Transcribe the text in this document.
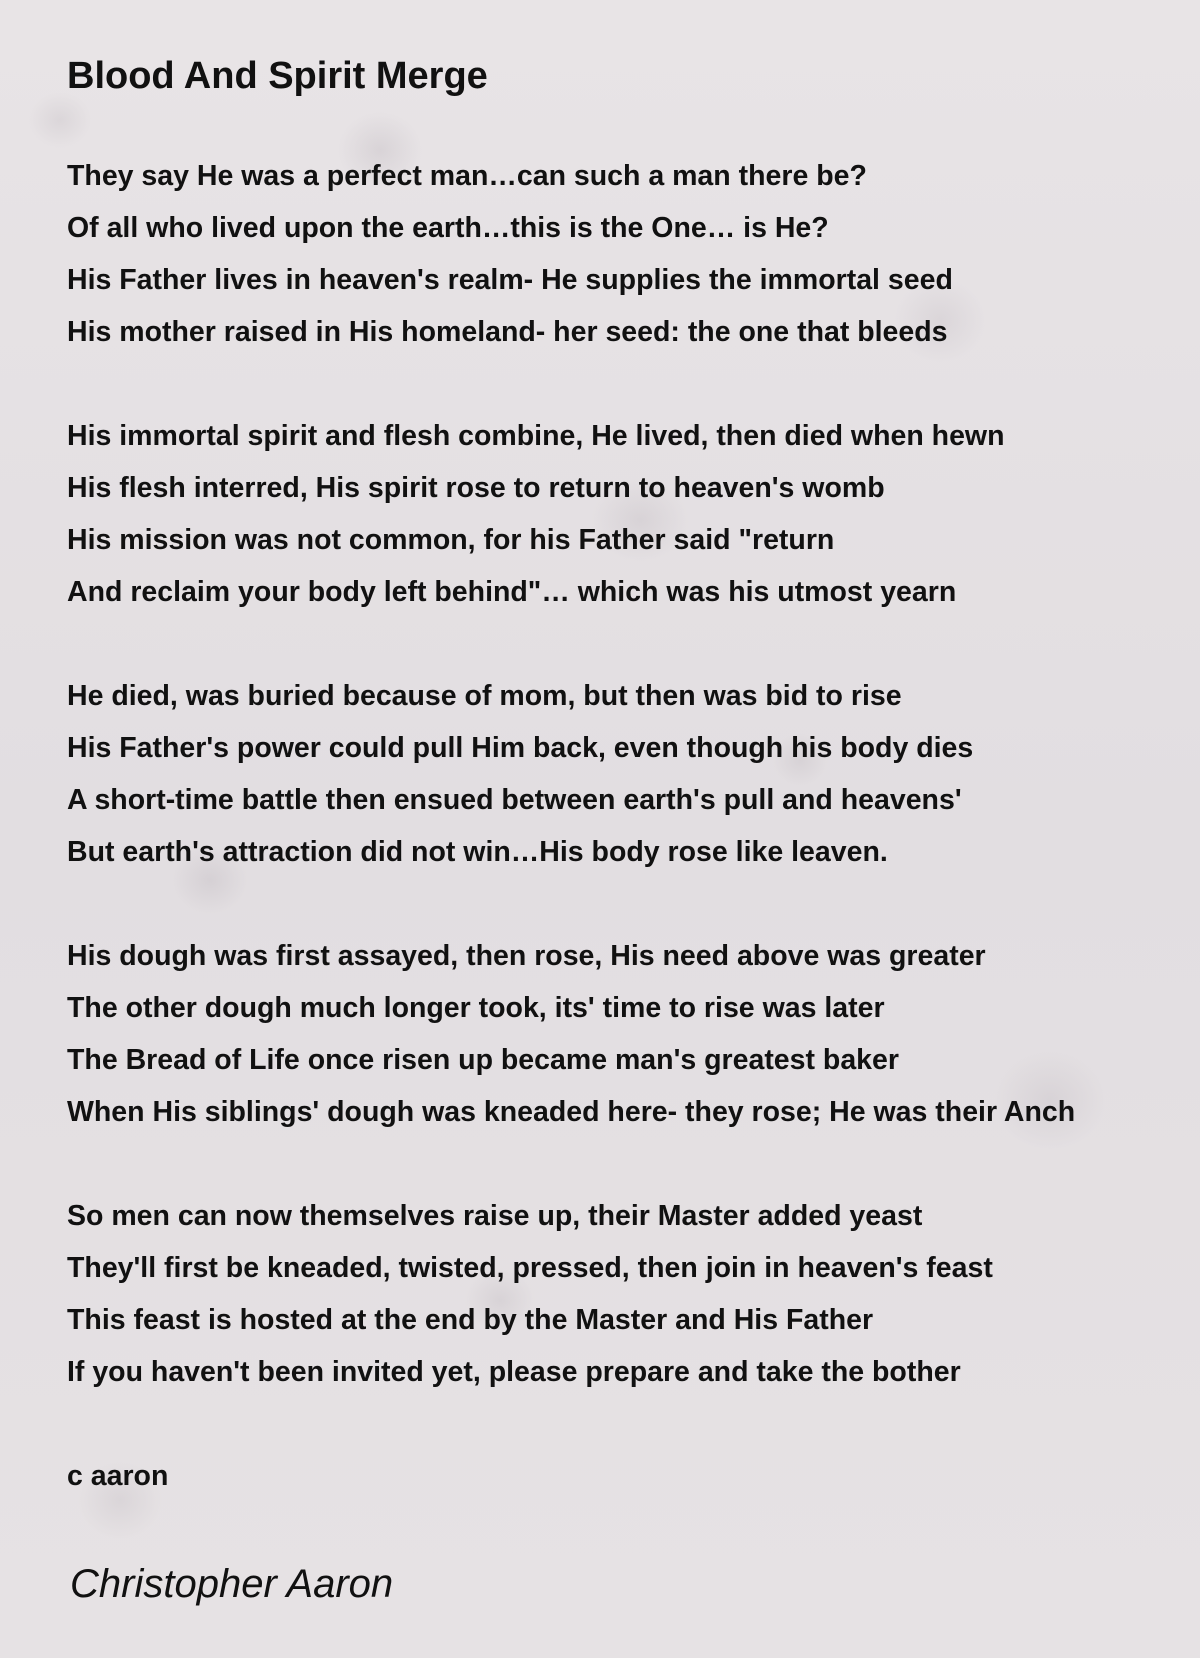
Blood And Spirit Merge
They say He was a perfect man…can such a man there be?
Of all who lived upon the earth…this is the One… is He?
His Father lives in heaven's realm- He supplies the immortal seed
His mother raised in His homeland- her seed: the one that bleeds
His immortal spirit and flesh combine, He lived, then died when hewn
His flesh interred, His spirit rose to return to heaven's womb
His mission was not common, for his Father said "return
And reclaim your body left behind"… which was his utmost yearn
He died, was buried because of mom, but then was bid to rise
His Father's power could pull Him back, even though his body dies
A short-time battle then ensued between earth's pull and heavens'
But earth's attraction did not win…His body rose like leaven.
His dough was first assayed, then rose, His need above was greater
The other dough much longer took, its' time to rise was later
The Bread of Life once risen up became man's greatest baker
When His siblings' dough was kneaded here- they rose; He was their Anch
So men can now themselves raise up, their Master added yeast
They'll first be kneaded, twisted, pressed, then join in heaven's feast
This feast is hosted at the end by the Master and His Father
If you haven't been invited yet, please prepare and take the bother
c aaron

Christopher Aaron
